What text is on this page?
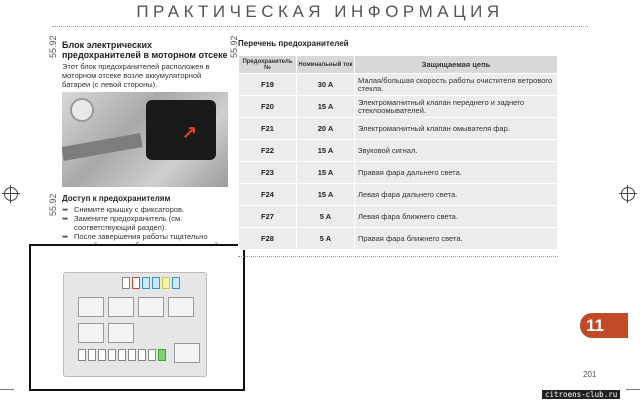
ПРАКТИЧЕСКАЯ ИНФОРМАЦИЯ
55.92
55.92
55.92
Блок электрических предохранителей в моторном отсеке
Этот блок предохранителей расположен в моторном отсеке возле аккумуляторной батареи (с левой стороны).
↗
Доступ к предохранителям
➥ Снимите крышку с фиксаторов.
➥ Замените предохранитель (см. соответствующий раздел).
➥ После завершения работы тщательно
Перечень предохранителей
Предохранитель №	Номинальный ток	Защищаемая цепь
F19	30 A	Малая/большая скорость работы очистителя ветрового стекла.
F20	15 A	Электромагнитный клапан переднего и заднего стеклоомывателей.
F21	20 A	Электромагнитный клапан омывателя фар.
F22	15 A	Звуковой сигнал.
F23	15 A	Правая фара дальнего света.
F24	15 A	Левая фара дальнего света.
F27	5 A	Левая фара ближнего света.
F28	5 A	Правая фара ближнего света.
11
201
citroens-club.ru
